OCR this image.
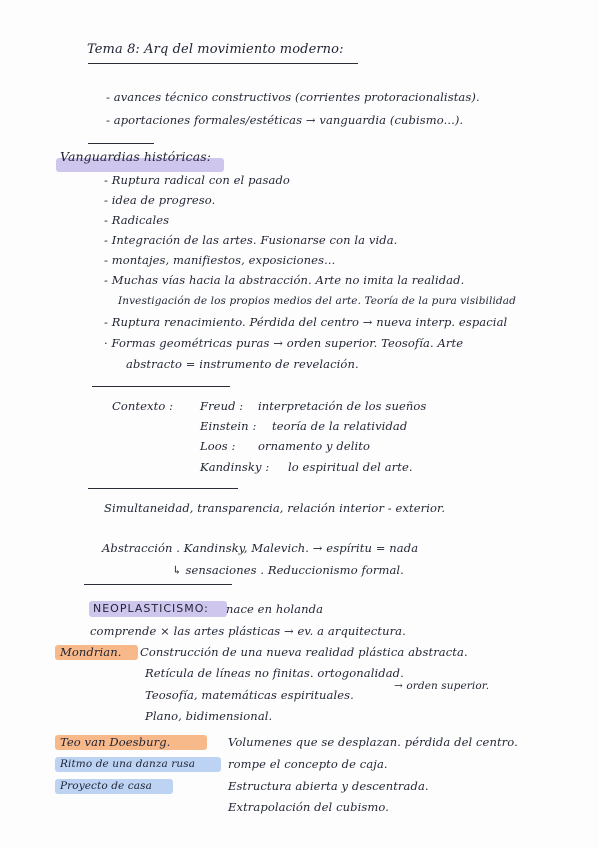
Tema 8: Arq del movimiento moderno:
- avances técnico constructivos (corrientes protoracionalistas).
- aportaciones formales/estéticas → vanguardia (cubismo...).
Vanguardias históricas:
- Ruptura radical con el pasado
- idea de progreso.
- Radicales
- Integración de las artes. Fusionarse con la vida.
- montajes, manifiestos, exposiciones...
- Muchas vías hacia la abstracción. Arte no imita la realidad.
Investigación de los propios medios del arte. Teoría de la pura visibilidad
- Ruptura renacimiento. Pérdida del centro → nueva interp. espacial
· Formas geométricas puras → orden superior. Teosofía. Arte
abstracto = instrumento de revelación.
Contexto : Freud : interpretación de los sueños
Einstein : teoría de la relatividad
Loos : ornamento y delito
Kandinsky : lo espiritual del arte.
Simultaneidad, transparencia, relación interior - exterior.
Abstracción . Kandinsky, Malevich. → espíritu = nada
↳ sensaciones . Reduccionismo formal.
NEOPLASTICISMO: nace en holanda
comprende × las artes plásticas → ev. a arquitectura.
Mondrian. Construcción de una nueva realidad plástica abstracta.
Retícula de líneas no finitas. ortogonalidad.
→ orden superior.
Teosofía, matemáticas espirituales.
Plano, bidimensional.
Teo van Doesburg.
Ritmo de una danza rusa
Proyecto de casa
Volumenes que se desplazan. pérdida del centro.
rompe el concepto de caja.
Estructura abierta y descentrada.
Extrapolación del cubismo.
